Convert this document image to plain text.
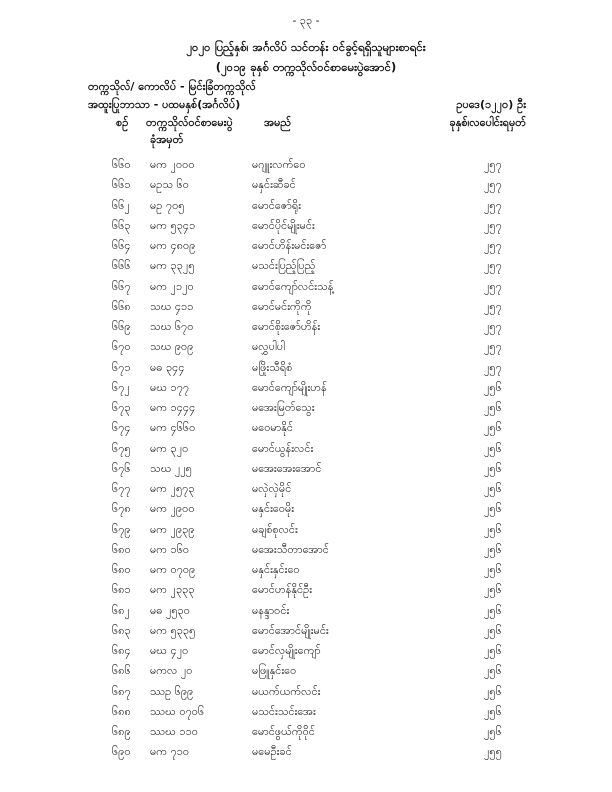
- ၃၃ -
၂၀၂၀ ပြည့်နှစ်၊ အင်္ဂလိပ် သင်တန်း ဝင်ခွင့်ရရှိသူများစာရင်း
(၂၀၁၉ ခုနှစ် တက္ကသိုလ်ဝင်စာမေးပွဲအောင်)
တက္ကသိုလ်/ ကောလိပ် - မြင်းခြံတက္ကသိုလ်
အထူးပြုဘာသာ - ပထမနှစ်(အင်္ဂလိပ်)	ဥပဒေ(၁၂၂၀) ဦး
စဉ် တက္ကသိုလ်ဝင်စာမေးပွဲ
ခုံအမှတ်
အမည်	ခုနှစ်၊လပေါင်းရမှတ်
၆၆၀ မက ၂၀၀၀	မဂျူးလက်ဝေ	၂၅၇
၆၆၁ မဥသ ၆၀	မနှင်းဆီခင်	၂၅၇
၆၆၂ မဥ ၇၀၅	မောင်ဇော်ရိုး	၂၅၇
၆၆၃ မက ၅၃၄၁	မောင်ပိုင်မျိုးမင်း	၂၅၇
၆၆၄ မက ၄၈၀၉	မောင်ဟိန်းမင်းဇော်	၂၅၇
၆၆၆ မက ၃၃၂၅	မသင်းပြည့်ပြည့်	၂၅၇
၆၆၇ မက ၂၁၂၀	မောင်ကျော်လင်းသန့်	၂၅၇
၆၆၈ သဃ ၄၁၁	မောင်မင်းကိုကို	၂၅၇
၆၆၉ သဃ ၆၇၀	မောင်စိုးဇော်ဟိန်း	၂၅၇
၆၇၀ သဃ ၉၀၉	မလွှပါပါ	၂၅၇
၆၇၁ မဓ ၃၄၄	မဖြိုးသီရိစံ	၂၅၇
၆၇၂ မဃ ၁၇၇	မောင်ကျော်မျိုးဟန်	၂၅၆
၆၇၃ မက ၁၄၄၄	မအေးမြတ်သွေး	၂၅၆
၆၇၄ မက ၄၆၆၀	မဝေမာနိုင်	၂၅၆
၆၇၅ မက ၃၂၀	မောင်ယွန်းလင်း	၂၅၆
၆၇၆ သဃ ၂၂၅	မအေးအေးအောင်	၂၅၆
၆၇၇ မက ၂၅၇၃	မလှဲလှဲမိုင်	၂၅၆
၆၇၈ မက ၂၉၀၀	မနှင်းဝေမိုး	၂၅၆
၆၇၉ မက ၂၉၃၉	မချစ်စုလင်း	၂၅၆
၆၈၀ မက ၁၆၀	မအေးသီတာအောင်	၂၅၆
၆၈၀ မက ၀၇၀၉	မနှင်းနှင်းဝေ	၂၅၆
၆၈၁ မက ၂၃၃၃	မောင်ဟန်နိုင်ဦး	၂၅၆
၆၈၂ မဓ ၂၅၃၀	မနန္ဒာဝင်း	၂၅၆
၆၈၃ မက ၅၃၃၅	မောင်အောင်မျိုးမင်း	၂၅၆
၆၈၄ မဃ ၄၂၀	မောင်လှမျိုးကျော်	၂၅၆
၆၈၆ မကလ ၂၀	မဖြူနှင်းဝေ	၂၅၆
၆၈၇ ဿဥ ၆၉၉	မယက်ယက်လင်း	၂၅၆
၆၈၈ ဿဃ ၀၇၀၆	မသင်းသင်းအေး	၂၅၆
၆၈၉ ဿဃ ၁၁၀	မောင်ဖွယ်ကိုဝိုင်	၂၅၆
၆၉၀ မက ၇၁၀	မမေဦးခင်	၂၅၅
